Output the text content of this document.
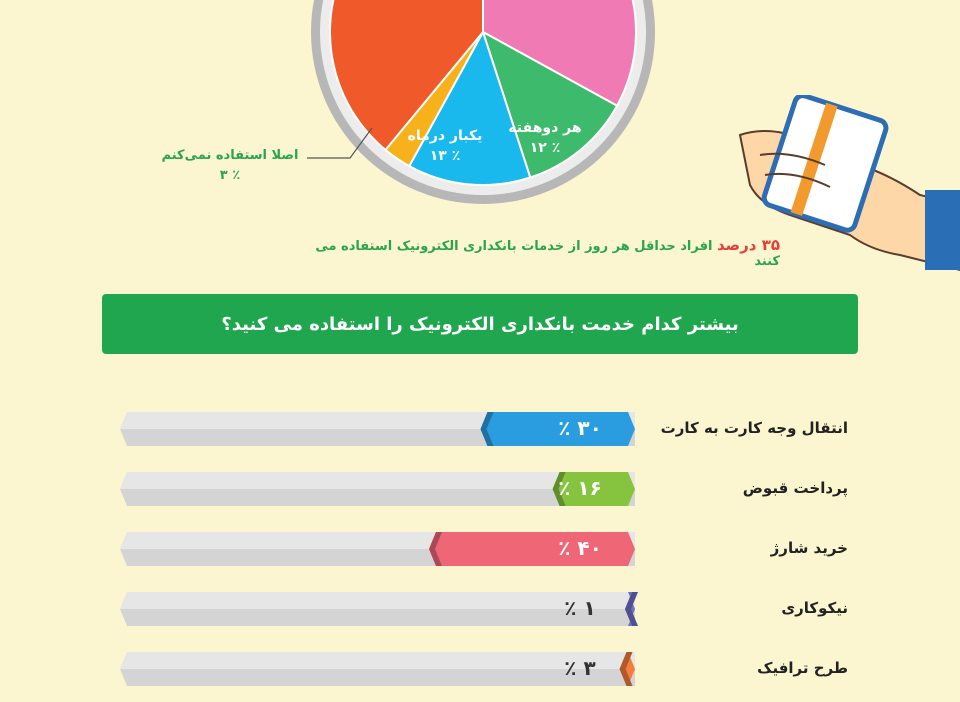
هر دوهفته
٪ ۱۲
یکبار درماه
٪ ۱۳
اصلا استفاده نمی‌کنم
٪ ۳
۳۵ درصد افراد حداقل هر روز از خدمات بانکداری الکترونیک استفاده می کنند
بیشتر کدام خدمت بانکداری الکترونیک را استفاده می کنید؟
٪ ۳۰	انتقال وجه کارت به کارت
٪ ۱۶	پرداخت قبوض
٪ ۴۰	خرید شارژ
٪ ۱	نیکوکاری
٪ ۳	طرح ترافیک
